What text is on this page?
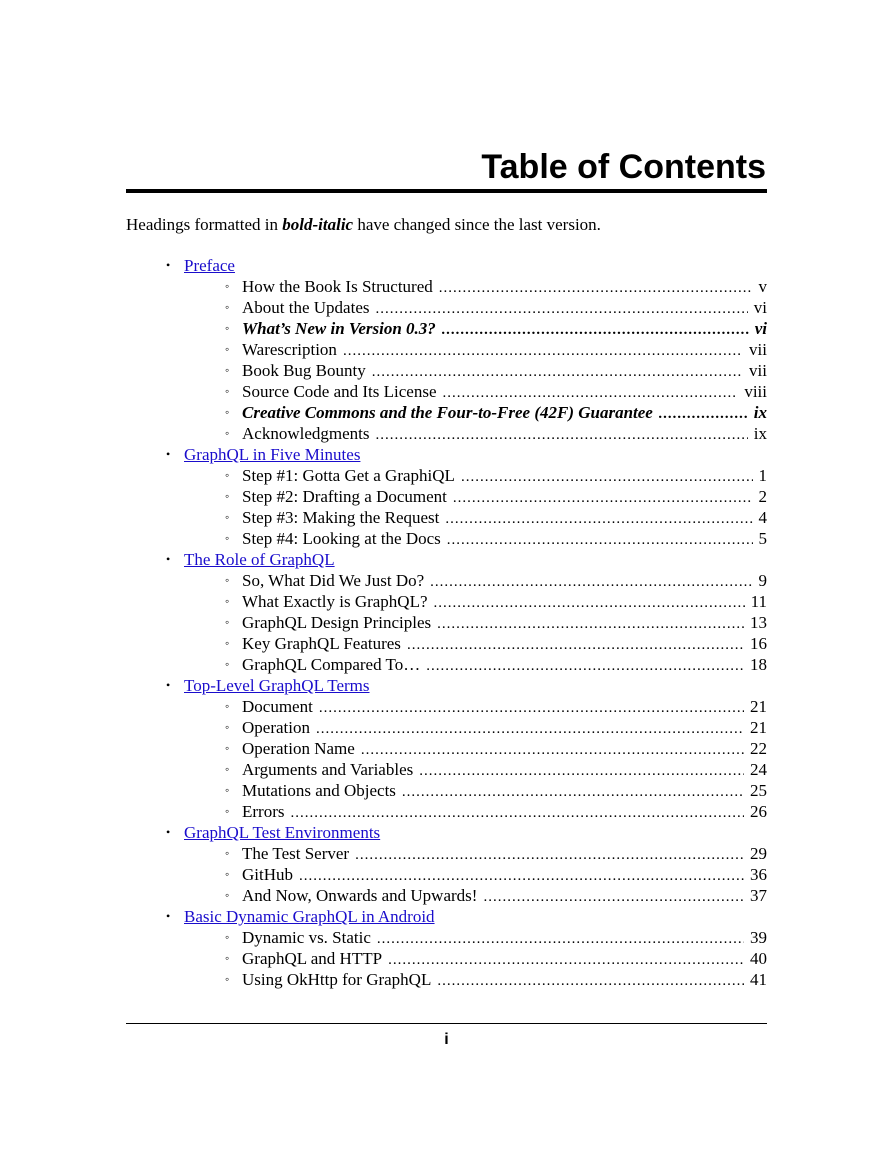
Table of Contents

Headings formatted in bold-italic have changed since the last version.

• Preface
◦ How the Book Is Structured .....	v
◦ About the Updates .....	vi
◦ What’s New in Version 0.3? .....	vi
◦ Warescription .....	vii
◦ Book Bug Bounty .....	vii
◦ Source Code and Its License .....	viii
◦ Creative Commons and the Four-to-Free (42F) Guarantee .....	ix
◦ Acknowledgments .....	ix
• GraphQL in Five Minutes
◦ Step #1: Gotta Get a GraphiQL .....	1
◦ Step #2: Drafting a Document .....	2
◦ Step #3: Making the Request .....	4
◦ Step #4: Looking at the Docs .....	5
• The Role of GraphQL
◦ So, What Did We Just Do? .....	9
◦ What Exactly is GraphQL? .....	11
◦ GraphQL Design Principles .....	13
◦ Key GraphQL Features .....	16
◦ GraphQL Compared To… .....	18
• Top-Level GraphQL Terms
◦ Document .....	21
◦ Operation .....	21
◦ Operation Name .....	22
◦ Arguments and Variables .....	24
◦ Mutations and Objects .....	25
◦ Errors .....	26
• GraphQL Test Environments
◦ The Test Server .....	29
◦ GitHub .....	36
◦ And Now, Onwards and Upwards! .....	37
• Basic Dynamic GraphQL in Android
◦ Dynamic vs. Static .....	39
◦ GraphQL and HTTP .....	40
◦ Using OkHttp for GraphQL .....	41
i
